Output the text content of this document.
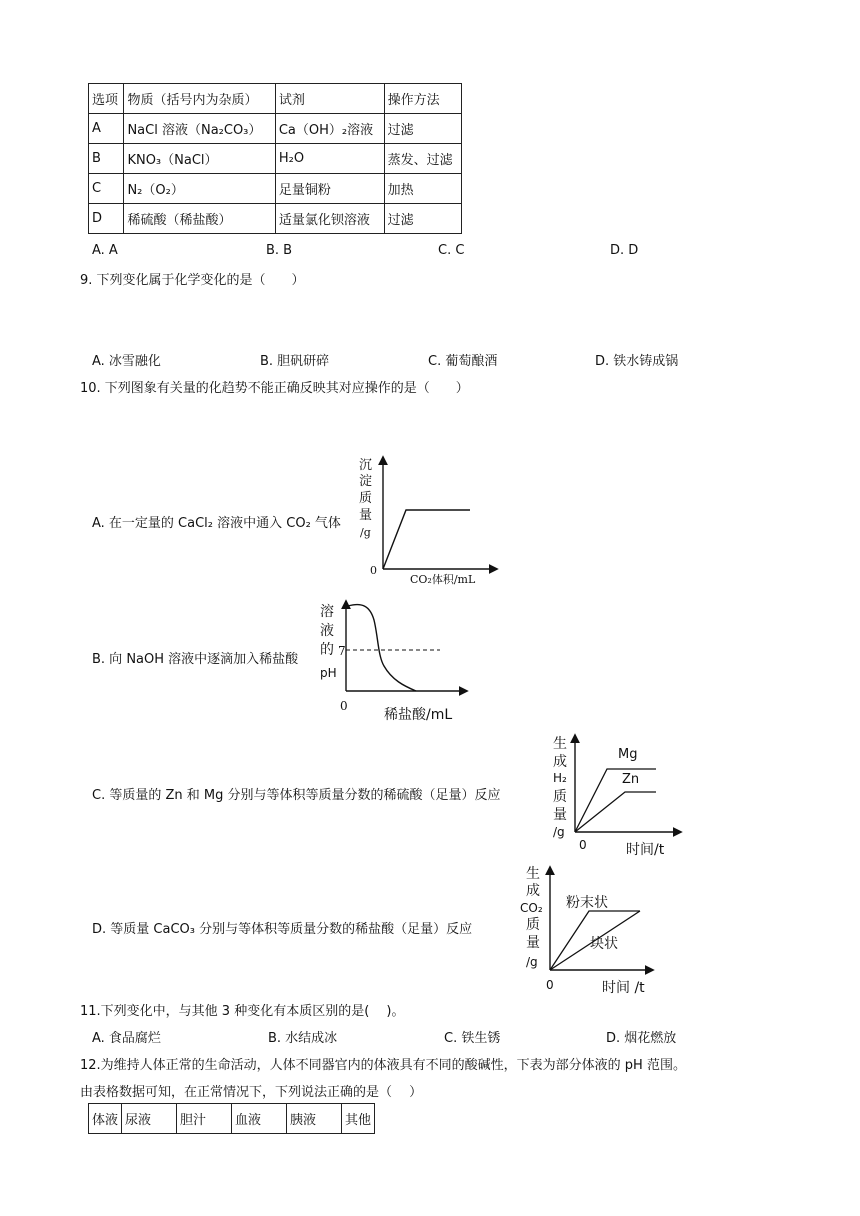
选项	物质（括号内为杂质）	试剂	操作方法
A	NaCl 溶液（Na₂CO₃）	Ca（OH）₂溶液	过滤
B	KNO₃（NaCl）	H₂O	蒸发、过滤
C	N₂（O₂）	足量铜粉	加热
D	稀硫酸（稀盐酸）	适量氯化钡溶液	过滤
A. A	B. B	C. C	D. D
9. 下列变化属于化学变化的是（　　）
A. 冰雪融化	B. 胆矾研碎	C. 葡萄酿酒	D. 铁水铸成锅
10. 下列图象有关量的化趋势不能正确反映其对应操作的是（　　）
A. 在一定量的 CaCl₂ 溶液中通入 CO₂ 气体
沉
淀
质
量
/g
0
CO₂体积/mL
B. 向 NaOH 溶液中逐滴加入稀盐酸
溶
液
的
pH
7
0
稀盐酸/mL
C. 等质量的 Zn 和 Mg 分别与等体积等质量分数的稀硫酸（足量）反应
生
成
H₂
质
量
/g
Mg
Zn
0	时间/t
D. 等质量 CaCO₃ 分别与等体积等质量分数的稀盐酸（足量）反应
生
成
CO₂
质
量
/g
粉末状
块状
0	时间 /t
11.下列变化中，与其他 3 种变化有本质区别的是(　 )。
A. 食品腐烂	B. 水结成冰	C. 铁生锈	D. 烟花燃放
12.为维持人体正常的生命活动，人体不同器官内的体液具有不同的酸碱性，下表为部分体液的 pH 范围。
由表格数据可知，在正常情况下，下列说法正确的是（　 ）
体液	尿液	胆汁	血液	胰液	其他
